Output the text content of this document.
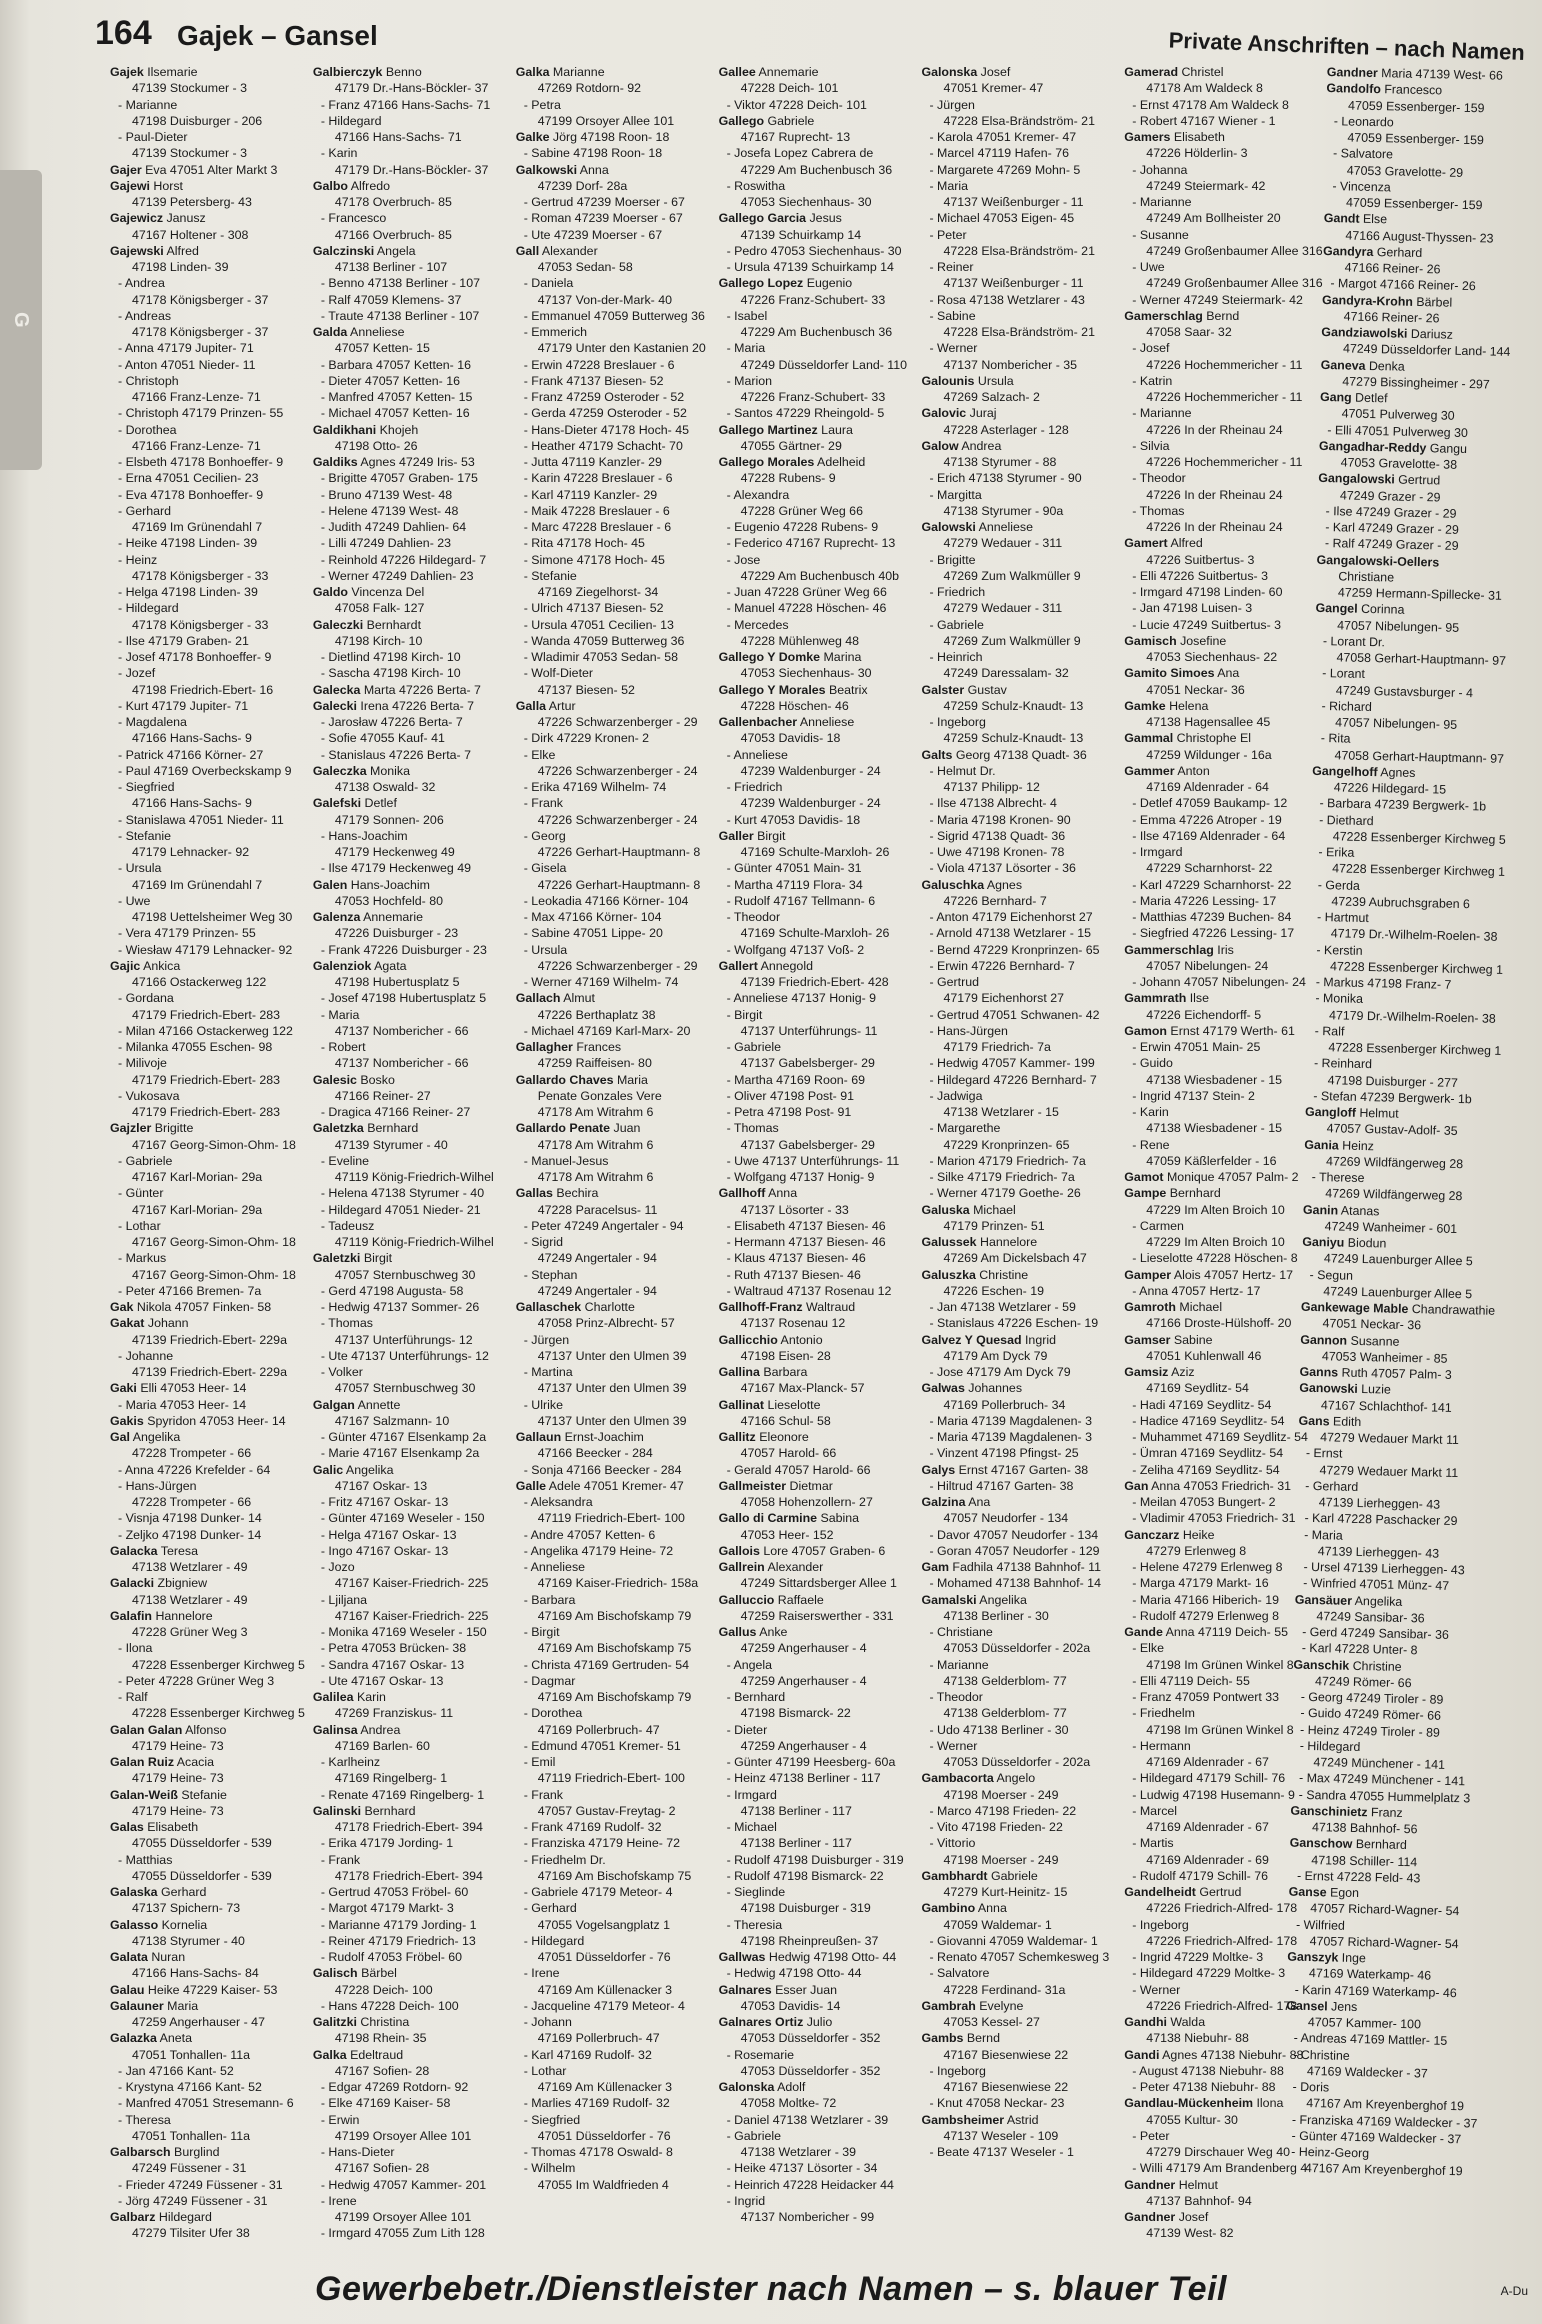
G
164 Gajek – Gansel	Private Anschriften – nach Namen
Gajek Ilsemarie
47139 Stockumer - 3
- Marianne
47198 Duisburger - 206
- Paul-Dieter
47139 Stockumer - 3
Gajer Eva 47051 Alter Markt 3
Gajewi Horst
47139 Petersberg- 43
Gajewicz Janusz
47167 Holtener - 308
Gajewski Alfred
47198 Linden- 39
- Andrea
47178 Königsberger - 37
- Andreas
47178 Königsberger - 37
- Anna 47179 Jupiter- 71
- Anton 47051 Nieder- 11
- Christoph
47166 Franz-Lenze- 71
- Christoph 47179 Prinzen- 55
- Dorothea
47166 Franz-Lenze- 71
- Elsbeth 47178 Bonhoeffer- 9
- Erna 47051 Cecilien- 23
- Eva 47178 Bonhoeffer- 9
- Gerhard
47169 Im Grünendahl 7
- Heike 47198 Linden- 39
- Heinz
47178 Königsberger - 33
- Helga 47198 Linden- 39
- Hildegard
47178 Königsberger - 33
- Ilse 47179 Graben- 21
- Josef 47178 Bonhoeffer- 9
- Jozef
47198 Friedrich-Ebert- 16
- Kurt 47179 Jupiter- 71
- Magdalena
47166 Hans-Sachs- 9
- Patrick 47166 Körner- 27
- Paul 47169 Overbeckskamp 9
- Siegfried
47166 Hans-Sachs- 9
- Stanislawa 47051 Nieder- 11
- Stefanie
47179 Lehnacker- 92
- Ursula
47169 Im Grünendahl 7
- Uwe
47198 Uettelsheimer Weg 30
- Vera 47179 Prinzen- 55
- Wiesław 47179 Lehnacker- 92
Gajic Ankica
47166 Ostackerweg 122
- Gordana
47179 Friedrich-Ebert- 283
- Milan 47166 Ostackerweg 122
- Milanka 47055 Eschen- 98
- Milivoje
47179 Friedrich-Ebert- 283
- Vukosava
47179 Friedrich-Ebert- 283
Gajzler Brigitte
47167 Georg-Simon-Ohm- 18
- Gabriele
47167 Karl-Morian- 29a
- Günter
47167 Karl-Morian- 29a
- Lothar
47167 Georg-Simon-Ohm- 18
- Markus
47167 Georg-Simon-Ohm- 18
- Peter 47166 Bremen- 7a
Gak Nikola 47057 Finken- 58
Gakat Johann
47139 Friedrich-Ebert- 229a
- Johanne
47139 Friedrich-Ebert- 229a
Gaki Elli 47053 Heer- 14
- Maria 47053 Heer- 14
Gakis Spyridon 47053 Heer- 14
Gal Angelika
47228 Trompeter - 66
- Anna 47226 Krefelder - 64
- Hans-Jürgen
47228 Trompeter - 66
- Visnja 47198 Dunker- 14
- Zeljko 47198 Dunker- 14
Galacka Teresa
47138 Wetzlarer - 49
Galacki Zbigniew
47138 Wetzlarer - 49
Galafin Hannelore
47228 Grüner Weg 3
- Ilona
47228 Essenberger Kirchweg 5
- Peter 47228 Grüner Weg 3
- Ralf
47228 Essenberger Kirchweg 5
Galan Galan Alfonso
47179 Heine- 73
Galan Ruiz Acacia
47179 Heine- 73
Galan-Weiß Stefanie
47179 Heine- 73
Galas Elisabeth
47055 Düsseldorfer - 539
- Matthias
47055 Düsseldorfer - 539
Galaska Gerhard
47137 Spichern- 73
Galasso Kornelia
47138 Styrumer - 40
Galata Nuran
47166 Hans-Sachs- 84
Galau Heike 47229 Kaiser- 53
Galauner Maria
47259 Angerhauser - 47
Galazka Aneta
47051 Tonhallen- 11a
- Jan 47166 Kant- 52
- Krystyna 47166 Kant- 52
- Manfred 47051 Stresemann- 6
- Theresa
47051 Tonhallen- 11a
Galbarsch Burglind
47249 Füssener - 31
- Frieder 47249 Füssener - 31
- Jörg 47249 Füssener - 31
Galbarz Hildegard
47279 Tilsiter Ufer 38
Galbierczyk Benno
47179 Dr.-Hans-Böckler- 37
- Franz 47166 Hans-Sachs- 71
- Hildegard
47166 Hans-Sachs- 71
- Karin
47179 Dr.-Hans-Böckler- 37
Galbo Alfredo
47178 Overbruch- 85
- Francesco
47166 Overbruch- 85
Galczinski Angela
47138 Berliner - 107
- Benno 47138 Berliner - 107
- Ralf 47059 Klemens- 37
- Traute 47138 Berliner - 107
Galda Anneliese
47057 Ketten- 15
- Barbara 47057 Ketten- 16
- Dieter 47057 Ketten- 16
- Manfred 47057 Ketten- 15
- Michael 47057 Ketten- 16
Galdikhani Khojeh
47198 Otto- 26
Galdiks Agnes 47249 Iris- 53
- Brigitte 47057 Graben- 175
- Bruno 47139 West- 48
- Helene 47139 West- 48
- Judith 47249 Dahlien- 64
- Lilli 47249 Dahlien- 23
- Reinhold 47226 Hildegard- 7
- Werner 47249 Dahlien- 23
Galdo Vincenza Del
47058 Falk- 127
Galeczki Bernhardt
47198 Kirch- 10
- Dietlind 47198 Kirch- 10
- Sascha 47198 Kirch- 10
Galecka Marta 47226 Berta- 7
Galecki Irena 47226 Berta- 7
- Jarosław 47226 Berta- 7
- Sofie 47055 Kauf- 41
- Stanislaus 47226 Berta- 7
Galeczka Monika
47138 Oswald- 32
Galefski Detlef
47179 Sonnen- 206
- Hans-Joachim
47179 Heckenweg 49
- Ilse 47179 Heckenweg 49
Galen Hans-Joachim
47053 Hochfeld- 80
Galenza Annemarie
47226 Duisburger - 23
- Frank 47226 Duisburger - 23
Galenziok Agata
47198 Hubertusplatz 5
- Josef 47198 Hubertusplatz 5
- Maria
47137 Nombericher - 66
- Robert
47137 Nombericher - 66
Galesic Bosko
47166 Reiner- 27
- Dragica 47166 Reiner- 27
Galetzka Bernhard
47139 Styrumer - 40
- Eveline
47119 König-Friedrich-Wilhel
- Helena 47138 Styrumer - 40
- Hildegard 47051 Nieder- 21
- Tadeusz
47119 König-Friedrich-Wilhel
Galetzki Birgit
47057 Sternbuschweg 30
- Gerd 47198 Augusta- 58
- Hedwig 47137 Sommer- 26
- Thomas
47137 Unterführungs- 12
- Ute 47137 Unterführungs- 12
- Volker
47057 Sternbuschweg 30
Galgan Annette
47167 Salzmann- 10
- Günter 47167 Elsenkamp 2a
- Marie 47167 Elsenkamp 2a
Galic Angelika
47167 Oskar- 13
- Fritz 47167 Oskar- 13
- Günter 47169 Weseler - 150
- Helga 47167 Oskar- 13
- Ingo 47167 Oskar- 13
- Jozo
47167 Kaiser-Friedrich- 225
- Ljiljana
47167 Kaiser-Friedrich- 225
- Monika 47169 Weseler - 150
- Petra 47053 Brücken- 38
- Sandra 47167 Oskar- 13
- Ute 47167 Oskar- 13
Galilea Karin
47269 Franziskus- 11
Galinsa Andrea
47169 Barlen- 60
- Karlheinz
47169 Ringelberg- 1
- Renate 47169 Ringelberg- 1
Galinski Bernhard
47178 Friedrich-Ebert- 394
- Erika 47179 Jording- 1
- Frank
47178 Friedrich-Ebert- 394
- Gertrud 47053 Fröbel- 60
- Margot 47179 Markt- 3
- Marianne 47179 Jording- 1
- Reiner 47179 Friedrich- 13
- Rudolf 47053 Fröbel- 60
Galisch Bärbel
47228 Deich- 100
- Hans 47228 Deich- 100
Galitzki Christina
47198 Rhein- 35
Galka Edeltraud
47167 Sofien- 28
- Edgar 47269 Rotdorn- 92
- Elke 47169 Kaiser- 58
- Erwin
47199 Orsoyer Allee 101
- Hans-Dieter
47167 Sofien- 28
- Hedwig 47057 Kammer- 201
- Irene
47199 Orsoyer Allee 101
- Irmgard 47055 Zum Lith 128
Galka Marianne
47269 Rotdorn- 92
- Petra
47199 Orsoyer Allee 101
Galke Jörg 47198 Roon- 18
- Sabine 47198 Roon- 18
Galkowski Anna
47239 Dorf- 28a
- Gertrud 47239 Moerser - 67
- Roman 47239 Moerser - 67
- Ute 47239 Moerser - 67
Gall Alexander
47053 Sedan- 58
- Daniela
47137 Von-der-Mark- 40
- Emmanuel 47059 Butterweg 36
- Emmerich
47179 Unter den Kastanien 20
- Erwin 47228 Breslauer - 6
- Frank 47137 Biesen- 52
- Franz 47259 Osteroder - 52
- Gerda 47259 Osteroder - 52
- Hans-Dieter 47178 Hoch- 45
- Heather 47179 Schacht- 70
- Jutta 47119 Kanzler- 29
- Karin 47228 Breslauer - 6
- Karl 47119 Kanzler- 29
- Maik 47228 Breslauer - 6
- Marc 47228 Breslauer - 6
- Rita 47178 Hoch- 45
- Simone 47178 Hoch- 45
- Stefanie
47169 Ziegelhorst- 34
- Ulrich 47137 Biesen- 52
- Ursula 47051 Cecilien- 13
- Wanda 47059 Butterweg 36
- Wladimir 47053 Sedan- 58
- Wolf-Dieter
47137 Biesen- 52
Galla Artur
47226 Schwarzenberger - 29
- Dirk 47229 Kronen- 2
- Elke
47226 Schwarzenberger - 24
- Erika 47169 Wilhelm- 74
- Frank
47226 Schwarzenberger - 24
- Georg
47226 Gerhart-Hauptmann- 8
- Gisela
47226 Gerhart-Hauptmann- 8
- Leokadia 47166 Körner- 104
- Max 47166 Körner- 104
- Sabine 47051 Lippe- 20
- Ursula
47226 Schwarzenberger - 29
- Werner 47169 Wilhelm- 74
Gallach Almut
47226 Berthaplatz 38
- Michael 47169 Karl-Marx- 20
Gallagher Frances
47259 Raiffeisen- 80
Gallardo Chaves Maria
Penate Gonzales Vere
47178 Am Witrahm 6
Gallardo Penate Juan
47178 Am Witrahm 6
- Manuel-Jesus
47178 Am Witrahm 6
Gallas Bechira
47228 Paracelsus- 11
- Peter 47249 Angertaler - 94
- Sigrid
47249 Angertaler - 94
- Stephan
47249 Angertaler - 94
Gallaschek Charlotte
47058 Prinz-Albrecht- 57
- Jürgen
47137 Unter den Ulmen 39
- Martina
47137 Unter den Ulmen 39
- Ulrike
47137 Unter den Ulmen 39
Gallaun Ernst-Joachim
47166 Beecker - 284
- Sonja 47166 Beecker - 284
Galle Adele 47051 Kremer- 47
- Aleksandra
47119 Friedrich-Ebert- 100
- Andre 47057 Ketten- 6
- Angelika 47179 Heine- 72
- Anneliese
47169 Kaiser-Friedrich- 158a
- Barbara
47169 Am Bischofskamp 79
- Birgit
47169 Am Bischofskamp 75
- Christa 47169 Gertruden- 54
- Dagmar
47169 Am Bischofskamp 79
- Dorothea
47169 Pollerbruch- 47
- Edmund 47051 Kremer- 51
- Emil
47119 Friedrich-Ebert- 100
- Frank
47057 Gustav-Freytag- 2
- Frank 47169 Rudolf- 32
- Franziska 47179 Heine- 72
- Friedhelm Dr.
47169 Am Bischofskamp 75
- Gabriele 47179 Meteor- 4
- Gerhard
47055 Vogelsangplatz 1
- Hildegard
47051 Düsseldorfer - 76
- Irene
47169 Am Küllenacker 3
- Jacqueline 47179 Meteor- 4
- Johann
47169 Pollerbruch- 47
- Karl 47169 Rudolf- 32
- Lothar
47169 Am Küllenacker 3
- Marlies 47169 Rudolf- 32
- Siegfried
47051 Düsseldorfer - 76
- Thomas 47178 Oswald- 8
- Wilhelm
47055 Im Waldfrieden 4
Gallee Annemarie
47228 Deich- 101
- Viktor 47228 Deich- 101
Gallego Gabriele
47167 Ruprecht- 13
- Josefa Lopez Cabrera de
47229 Am Buchenbusch 36
- Roswitha
47053 Siechenhaus- 30
Gallego Garcia Jesus
47139 Schuirkamp 14
- Pedro 47053 Siechenhaus- 30
- Ursula 47139 Schuirkamp 14
Gallego Lopez Eugenio
47226 Franz-Schubert- 33
- Isabel
47229 Am Buchenbusch 36
- Maria
47249 Düsseldorfer Land- 110
- Marion
47226 Franz-Schubert- 33
- Santos 47229 Rheingold- 5
Gallego Martinez Laura
47055 Gärtner- 29
Gallego Morales Adelheid
47228 Rubens- 9
- Alexandra
47228 Grüner Weg 66
- Eugenio 47228 Rubens- 9
- Federico 47167 Ruprecht- 13
- Jose
47229 Am Buchenbusch 40b
- Juan 47228 Grüner Weg 66
- Manuel 47228 Höschen- 46
- Mercedes
47228 Mühlenweg 48
Gallego Y Domke Marina
47053 Siechenhaus- 30
Gallego Y Morales Beatrix
47228 Höschen- 46
Gallenbacher Anneliese
47053 Davidis- 18
- Anneliese
47239 Waldenburger - 24
- Friedrich
47239 Waldenburger - 24
- Kurt 47053 Davidis- 18
Galler Birgit
47169 Schulte-Marxloh- 26
- Günter 47051 Main- 31
- Martha 47119 Flora- 34
- Rudolf 47167 Tellmann- 6
- Theodor
47169 Schulte-Marxloh- 26
- Wolfgang 47137 Voß- 2
Gallert Annegold
47139 Friedrich-Ebert- 428
- Anneliese 47137 Honig- 9
- Birgit
47137 Unterführungs- 11
- Gabriele
47137 Gabelsberger- 29
- Martha 47169 Roon- 69
- Oliver 47198 Post- 91
- Petra 47198 Post- 91
- Thomas
47137 Gabelsberger- 29
- Uwe 47137 Unterführungs- 11
- Wolfgang 47137 Honig- 9
Gallhoff Anna
47137 Lösorter - 33
- Elisabeth 47137 Biesen- 46
- Hermann 47137 Biesen- 46
- Klaus 47137 Biesen- 46
- Ruth 47137 Biesen- 46
- Waltraud 47137 Rosenau 12
Gallhoff-Franz Waltraud
47137 Rosenau 12
Gallicchio Antonio
47198 Eisen- 28
Gallina Barbara
47167 Max-Planck- 57
Gallinat Lieselotte
47166 Schul- 58
Gallitz Eleonore
47057 Harold- 66
- Gerald 47057 Harold- 66
Gallmeister Dietmar
47058 Hohenzollern- 27
Gallo di Carmine Sabina
47053 Heer- 152
Gallois Lore 47057 Graben- 6
Gallrein Alexander
47249 Sittardsberger Allee 1
Galluccio Raffaele
47259 Raiserswerther - 331
Gallus Anke
47259 Angerhauser - 4
- Angela
47259 Angerhauser - 4
- Bernhard
47198 Bismarck- 22
- Dieter
47259 Angerhauser - 4
- Günter 47199 Heesberg- 60a
- Heinz 47138 Berliner - 117
- Irmgard
47138 Berliner - 117
- Michael
47138 Berliner - 117
- Rudolf 47198 Duisburger - 319
- Rudolf 47198 Bismarck- 22
- Sieglinde
47198 Duisburger - 319
- Theresia
47198 Rheinpreußen- 37
Gallwas Hedwig 47198 Otto- 44
- Hedwig 47198 Otto- 44
Galnares Esser Juan
47053 Davidis- 14
Galnares Ortiz Julio
47053 Düsseldorfer - 352
- Rosemarie
47053 Düsseldorfer - 352
Galonska Adolf
47058 Moltke- 72
- Daniel 47138 Wetzlarer - 39
- Gabriele
47138 Wetzlarer - 39
- Heike 47137 Lösorter - 34
- Heinrich 47228 Heidacker 44
- Ingrid
47137 Nombericher - 99
Galonska Josef
47051 Kremer- 47
- Jürgen
47228 Elsa-Brändström- 21
- Karola 47051 Kremer- 47
- Marcel 47119 Hafen- 76
- Margarete 47269 Mohn- 5
- Maria
47137 Weißenburger - 11
- Michael 47053 Eigen- 45
- Peter
47228 Elsa-Brändström- 21
- Reiner
47137 Weißenburger - 11
- Rosa 47138 Wetzlarer - 43
- Sabine
47228 Elsa-Brändström- 21
- Werner
47137 Nombericher - 35
Galounis Ursula
47269 Salzach- 2
Galovic Juraj
47228 Asterlager - 128
Galow Andrea
47138 Styrumer - 88
- Erich 47138 Styrumer - 90
- Margitta
47138 Styrumer - 90a
Galowski Anneliese
47279 Wedauer - 311
- Brigitte
47269 Zum Walkmüller 9
- Friedrich
47279 Wedauer - 311
- Gabriele
47269 Zum Walkmüller 9
- Heinrich
47249 Daressalam- 32
Galster Gustav
47259 Schulz-Knaudt- 13
- Ingeborg
47259 Schulz-Knaudt- 13
Galts Georg 47138 Quadt- 36
- Helmut Dr.
47137 Philipp- 12
- Ilse 47138 Albrecht- 4
- Maria 47198 Kronen- 90
- Sigrid 47138 Quadt- 36
- Uwe 47198 Kronen- 78
- Viola 47137 Lösorter - 36
Galuschka Agnes
47226 Bernhard- 7
- Anton 47179 Eichenhorst 27
- Arnold 47138 Wetzlarer - 15
- Bernd 47229 Kronprinzen- 65
- Erwin 47226 Bernhard- 7
- Gertrud
47179 Eichenhorst 27
- Gertrud 47051 Schwanen- 42
- Hans-Jürgen
47179 Friedrich- 7a
- Hedwig 47057 Kammer- 199
- Hildegard 47226 Bernhard- 7
- Jadwiga
47138 Wetzlarer - 15
- Margarethe
47229 Kronprinzen- 65
- Marion 47179 Friedrich- 7a
- Silke 47179 Friedrich- 7a
- Werner 47179 Goethe- 26
Galuska Michael
47179 Prinzen- 51
Galussek Hannelore
47269 Am Dickelsbach 47
Galuszka Christine
47226 Eschen- 19
- Jan 47138 Wetzlarer - 59
- Stanislaus 47226 Eschen- 19
Galvez Y Quesad Ingrid
47179 Am Dyck 79
- Jose 47179 Am Dyck 79
Galwas Johannes
47169 Pollerbruch- 34
- Maria 47139 Magdalenen- 3
- Maria 47139 Magdalenen- 3
- Vinzent 47198 Pfingst- 25
Galys Ernst 47167 Garten- 38
- Hiltrud 47167 Garten- 38
Galzina Ana
47057 Neudorfer - 134
- Davor 47057 Neudorfer - 134
- Goran 47057 Neudorfer - 129
Gam Fadhila 47138 Bahnhof- 11
- Mohamed 47138 Bahnhof- 14
Gamalski Angelika
47138 Berliner - 30
- Christiane
47053 Düsseldorfer - 202a
- Marianne
47138 Gelderblom- 77
- Theodor
47138 Gelderblom- 77
- Udo 47138 Berliner - 30
- Werner
47053 Düsseldorfer - 202a
Gambacorta Angelo
47198 Moerser - 249
- Marco 47198 Frieden- 22
- Vito 47198 Frieden- 22
- Vittorio
47198 Moerser - 249
Gambhardt Gabriele
47279 Kurt-Heinitz- 15
Gambino Anna
47059 Waldemar- 1
- Giovanni 47059 Waldemar- 1
- Renato 47057 Schemkesweg 3
- Salvatore
47228 Ferdinand- 31a
Gambrah Evelyne
47053 Kessel- 27
Gambs Bernd
47167 Biesenwiese 22
- Ingeborg
47167 Biesenwiese 22
- Knut 47058 Neckar- 23
Gambsheimer Astrid
47137 Weseler - 109
- Beate 47137 Weseler - 1
Gamerad Christel
47178 Am Waldeck 8
- Ernst 47178 Am Waldeck 8
- Robert 47167 Wiener - 1
Gamers Elisabeth
47226 Hölderlin- 3
- Johanna
47249 Steiermark- 42
- Marianne
47249 Am Bollheister 20
- Susanne
47249 Großenbaumer Allee 316
- Uwe
47249 Großenbaumer Allee 316
- Werner 47249 Steiermark- 42
Gamerschlag Bernd
47058 Saar- 32
- Josef
47226 Hochemmericher - 11
- Katrin
47226 Hochemmericher - 11
- Marianne
47226 In der Rheinau 24
- Silvia
47226 Hochemmericher - 11
- Theodor
47226 In der Rheinau 24
- Thomas
47226 In der Rheinau 24
Gamert Alfred
47226 Suitbertus- 3
- Elli 47226 Suitbertus- 3
- Irmgard 47198 Linden- 60
- Jan 47198 Luisen- 3
- Lucie 47249 Suitbertus- 3
Gamisch Josefine
47053 Siechenhaus- 22
Gamito Simoes Ana
47051 Neckar- 36
Gamke Helena
47138 Hagensallee 45
Gammal Christophe El
47259 Wildunger - 16a
Gammer Anton
47169 Aldenrader - 64
- Detlef 47059 Baukamp- 12
- Emma 47226 Atroper - 19
- Ilse 47169 Aldenrader - 64
- Irmgard
47229 Scharnhorst- 22
- Karl 47229 Scharnhorst- 22
- Maria 47226 Lessing- 17
- Matthias 47239 Buchen- 84
- Siegfried 47226 Lessing- 17
Gammerschlag Iris
47057 Nibelungen- 24
- Johann 47057 Nibelungen- 24
Gammrath Ilse
47226 Eichendorff- 5
Gamon Ernst 47179 Werth- 61
- Erwin 47051 Main- 25
- Guido
47138 Wiesbadener - 15
- Ingrid 47137 Stein- 2
- Karin
47138 Wiesbadener - 15
- Rene
47059 Käßlerfelder - 16
Gamot Monique 47057 Palm- 2
Gampe Bernhard
47229 Im Alten Broich 10
- Carmen
47229 Im Alten Broich 10
- Lieselotte 47228 Höschen- 8
Gamper Alois 47057 Hertz- 17
- Anna 47057 Hertz- 17
Gamroth Michael
47166 Droste-Hülshoff- 20
Gamser Sabine
47051 Kuhlenwall 46
Gamsiz Aziz
47169 Seydlitz- 54
- Hadi 47169 Seydlitz- 54
- Hadice 47169 Seydlitz- 54
- Muhammet 47169 Seydlitz- 54
- Ümran 47169 Seydlitz- 54
- Zeliha 47169 Seydlitz- 54
Gan Anna 47053 Friedrich- 31
- Meilan 47053 Bungert- 2
- Vladimir 47053 Friedrich- 31
Ganczarz Heike
47279 Erlenweg 8
- Helene 47279 Erlenweg 8
- Marga 47179 Markt- 16
- Maria 47166 Hiberich- 19
- Rudolf 47279 Erlenweg 8
Gande Anna 47119 Deich- 55
- Elke
47198 Im Grünen Winkel 8
- Elli 47119 Deich- 55
- Franz 47059 Pontwert 33
- Friedhelm
47198 Im Grünen Winkel 8
- Hermann
47169 Aldenrader - 67
- Hildegard 47179 Schill- 76
- Ludwig 47198 Husemann- 9
- Marcel
47169 Aldenrader - 67
- Martis
47169 Aldenrader - 69
- Rudolf 47179 Schill- 76
Gandelheidt Gertrud
47226 Friedrich-Alfred- 178
- Ingeborg
47226 Friedrich-Alfred- 178
- Ingrid 47229 Moltke- 3
- Hildegard 47229 Moltke- 3
- Werner
47226 Friedrich-Alfred- 178
Gandhi Walda
47138 Niebuhr- 88
Gandi Agnes 47138 Niebuhr- 88
- August 47138 Niebuhr- 88
- Peter 47138 Niebuhr- 88
Gandlau-Mückenheim Ilona
47055 Kultur- 30
- Peter
47279 Dirschauer Weg 40
- Willi 47179 Am Brandenberg 4
Gandner Helmut
47137 Bahnhof- 94
Gandner Josef
47139 West- 82
Gandner Maria 47139 West- 66
Gandolfo Francesco
47059 Essenberger- 159
- Leonardo
47059 Essenberger- 159
- Salvatore
47053 Gravelotte- 29
- Vincenza
47059 Essenberger- 159
Gandt Else
47166 August-Thyssen- 23
Gandyra Gerhard
47166 Reiner- 26
- Margot 47166 Reiner- 26
Gandyra-Krohn Bärbel
47166 Reiner- 26
Gandziawolski Dariusz
47249 Düsseldorfer Land- 144
Ganeva Denka
47279 Bissingheimer - 297
Gang Detlef
47051 Pulverweg 30
- Elli 47051 Pulverweg 30
Gangadhar-Reddy Gangu
47053 Gravelotte- 38
Gangalowski Gertrud
47249 Grazer - 29
- Ilse 47249 Grazer - 29
- Karl 47249 Grazer - 29
- Ralf 47249 Grazer - 29
Gangalowski-Oellers
Christiane
47259 Hermann-Spillecke- 31
Gangel Corinna
47057 Nibelungen- 95
- Lorant Dr.
47058 Gerhart-Hauptmann- 97
- Lorant
47249 Gustavsburger - 4
- Richard
47057 Nibelungen- 95
- Rita
47058 Gerhart-Hauptmann- 97
Gangelhoff Agnes
47226 Hildegard- 15
- Barbara 47239 Bergwerk- 1b
- Diethard
47228 Essenberger Kirchweg 5
- Erika
47228 Essenberger Kirchweg 1
- Gerda
47239 Aubruchsgraben 6
- Hartmut
47179 Dr.-Wilhelm-Roelen- 38
- Kerstin
47228 Essenberger Kirchweg 1
- Markus 47198 Franz- 7
- Monika
47179 Dr.-Wilhelm-Roelen- 38
- Ralf
47228 Essenberger Kirchweg 1
- Reinhard
47198 Duisburger - 277
- Stefan 47239 Bergwerk- 1b
Gangloff Helmut
47057 Gustav-Adolf- 35
Gania Heinz
47269 Wildfängerweg 28
- Therese
47269 Wildfängerweg 28
Ganin Atanas
47249 Wanheimer - 601
Ganiyu Biodun
47249 Lauenburger Allee 5
- Segun
47249 Lauenburger Allee 5
Gankewage Mable Chandrawathie
47051 Neckar- 36
Gannon Susanne
47053 Wanheimer - 85
Ganns Ruth 47057 Palm- 3
Ganowski Luzie
47167 Schlachthof- 141
Gans Edith
47279 Wedauer Markt 11
- Ernst
47279 Wedauer Markt 11
- Gerhard
47139 Lierheggen- 43
- Karl 47228 Paschacker 29
- Maria
47139 Lierheggen- 43
- Ursel 47139 Lierheggen- 43
- Winfried 47051 Münz- 47
Gansäuer Angelika
47249 Sansibar- 36
- Gerd 47249 Sansibar- 36
- Karl 47228 Unter- 8
Ganschik Christine
47249 Römer- 66
- Georg 47249 Tiroler - 89
- Guido 47249 Römer- 66
- Heinz 47249 Tiroler - 89
- Hildegard
47249 Münchener - 141
- Max 47249 Münchener - 141
- Sandra 47055 Hummelplatz 3
Ganschinietz Franz
47138 Bahnhof- 56
Ganschow Bernhard
47198 Schiller- 114
- Ernst 47228 Feld- 43
Ganse Egon
47057 Richard-Wagner- 54
- Wilfried
47057 Richard-Wagner- 54
Ganszyk Inge
47169 Waterkamp- 46
- Karin 47169 Waterkamp- 46
Gansel Jens
47057 Kammer- 100
- Andreas 47169 Mattler- 15
- Christine
47169 Waldecker - 37
- Doris
47167 Am Kreyenberghof 19
- Franziska 47169 Waldecker - 37
- Günter 47169 Waldecker - 37
- Heinz-Georg
47167 Am Kreyenberghof 19
Gewerbebetr./Dienstleister nach Namen – s. blauer Teil	A-Du
